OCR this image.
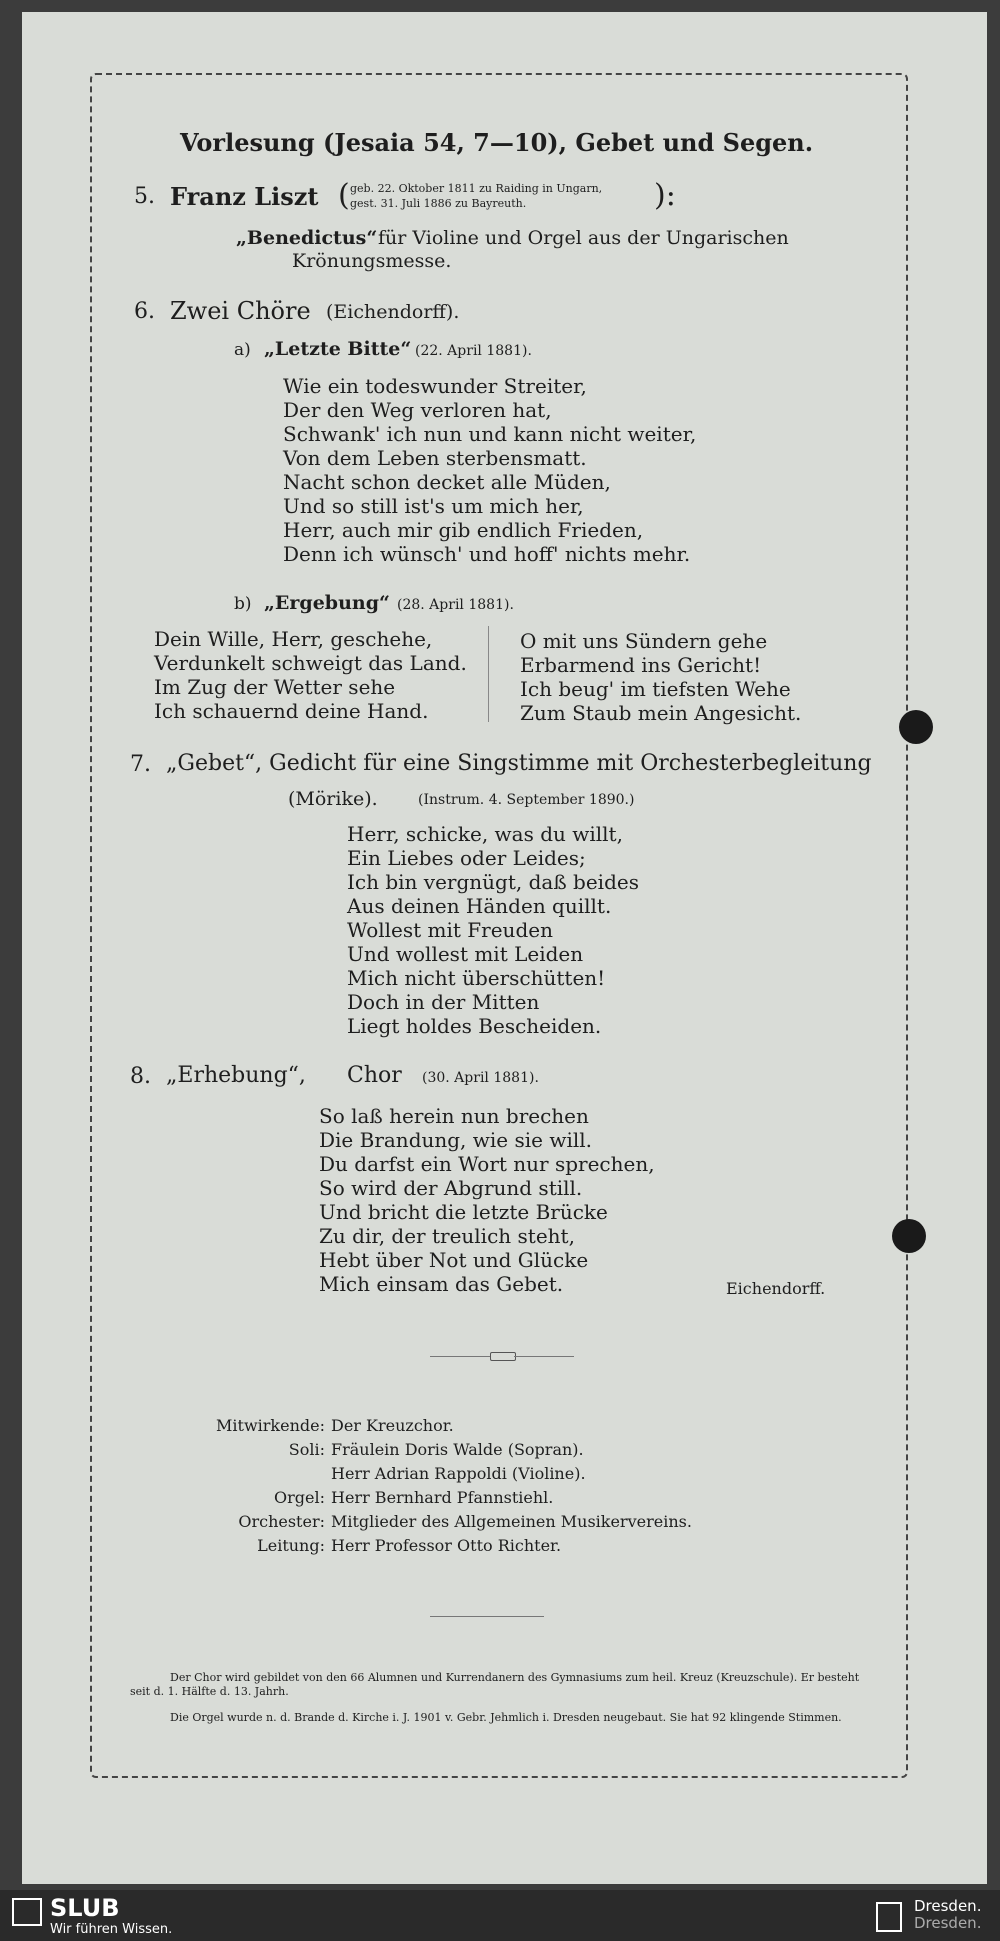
Vorlesung (Jesaia 54, 7—10), Gebet und Segen.
5. Franz Liszt ( geb. 22. Oktober 1811 zu Raiding in Ungarn,
gest. 31. Juli 1886 zu Bayreuth.	):
„Benedictus“ für Violine und Orgel aus der Ungarischen
Krönungsmesse.
6. Zwei Chöre (Eichendorff).
a) „Letzte Bitte“ (22. April 1881).
Wie ein todeswunder Streiter,
Der den Weg verloren hat,
Schwank' ich nun und kann nicht weiter,
Von dem Leben sterbensmatt.
Nacht schon decket alle Müden,
Und so still ist's um mich her,
Herr, auch mir gib endlich Frieden,
Denn ich wünsch' und hoff' nichts mehr.
b) „Ergebung“ (28. April 1881).
Dein Wille, Herr, geschehe,
Verdunkelt schweigt das Land.
Im Zug der Wetter sehe
Ich schauernd deine Hand.
O mit uns Sündern gehe
Erbarmend ins Gericht!
Ich beug' im tiefsten Wehe
Zum Staub mein Angesicht.
7. „Gebet“, Gedicht für eine Singstimme mit Orchesterbegleitung
(Mörike).	(Instrum. 4. September 1890.)
Herr, schicke, was du willt,
Ein Liebes oder Leides;
Ich bin vergnügt, daß beides
Aus deinen Händen quillt.
Wollest mit Freuden
Und wollest mit Leiden
Mich nicht überschütten!
Doch in der Mitten
Liegt holdes Bescheiden.
8. „Erhebung“, Chor (30. April 1881).
So laß herein nun brechen
Die Brandung, wie sie will.
Du darfst ein Wort nur sprechen,
So wird der Abgrund still.
Und bricht die letzte Brücke
Zu dir, der treulich steht,
Hebt über Not und Glücke
Mich einsam das Gebet.	Eichendorff.
Mitwirkende: Der Kreuzchor.
Soli: Fräulein Doris Walde (Sopran).
Herr Adrian Rappoldi (Violine).
Orgel: Herr Bernhard Pfannstiehl.
Orchester: Mitglieder des Allgemeinen Musikervereins.
Leitung: Herr Professor Otto Richter.
Der Chor wird gebildet von den 66 Alumnen und Kurrendanern des Gymnasiums zum heil. Kreuz (Kreuzschule). Er besteht seit d. 1. Hälfte d. 13. Jahrh.
Die Orgel wurde n. d. Brande d. Kirche i. J. 1901 v. Gebr. Jehmlich i. Dresden neugebaut. Sie hat 92 klingende Stimmen.
SLUB
Wir führen Wissen.
Dresden.
Dresden.
